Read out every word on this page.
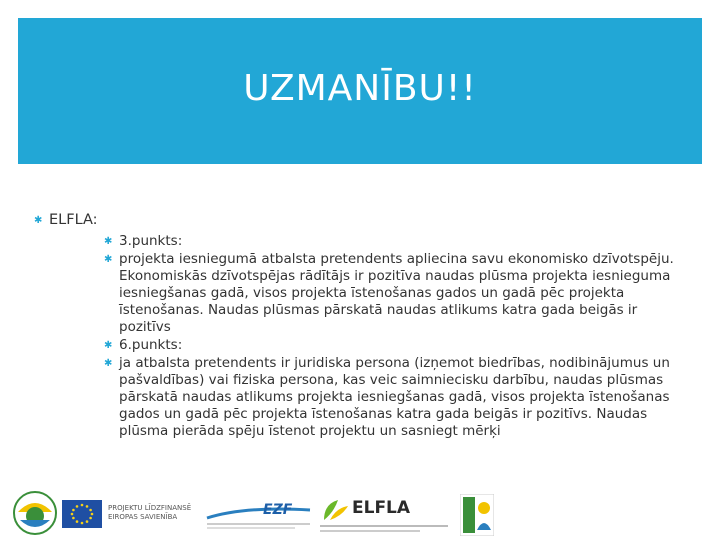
UZMANĪBU!!
✱ ELFLA:
✱ 3.punkts:
✱ projekta iesniegumā atbalsta pretendents apliecina savu ekonomisko dzīvotspēju. Ekonomiskās dzīvotspējas rādītājs ir pozitīva naudas plūsma projekta iesnieguma iesniegšanas gadā, visos projekta īstenošanas gados un gadā pēc projekta īstenošanas. Naudas plūsmas pārskatā naudas atlikums katra gada beigās ir pozitīvs
✱ 6.punkts:
✱ ja atbalsta pretendents ir juridiska persona (izņemot biedrības, nodibinājumus un pašvaldības) vai fiziska persona, kas veic saimniecisku darbību, naudas plūsmas pārskatā naudas atlikums projekta iesniegšanas gadā, visos projekta īstenošanas gados un gadā pēc projekta īstenošanas katra gada beigās ir pozitīvs. Naudas plūsma pierāda spēju īstenot projektu un sasniegt mērķi
PROJEKTU LĪDZFINANSĒ
EIROPAS SAVIENĪBA	EZF	ELFLA
